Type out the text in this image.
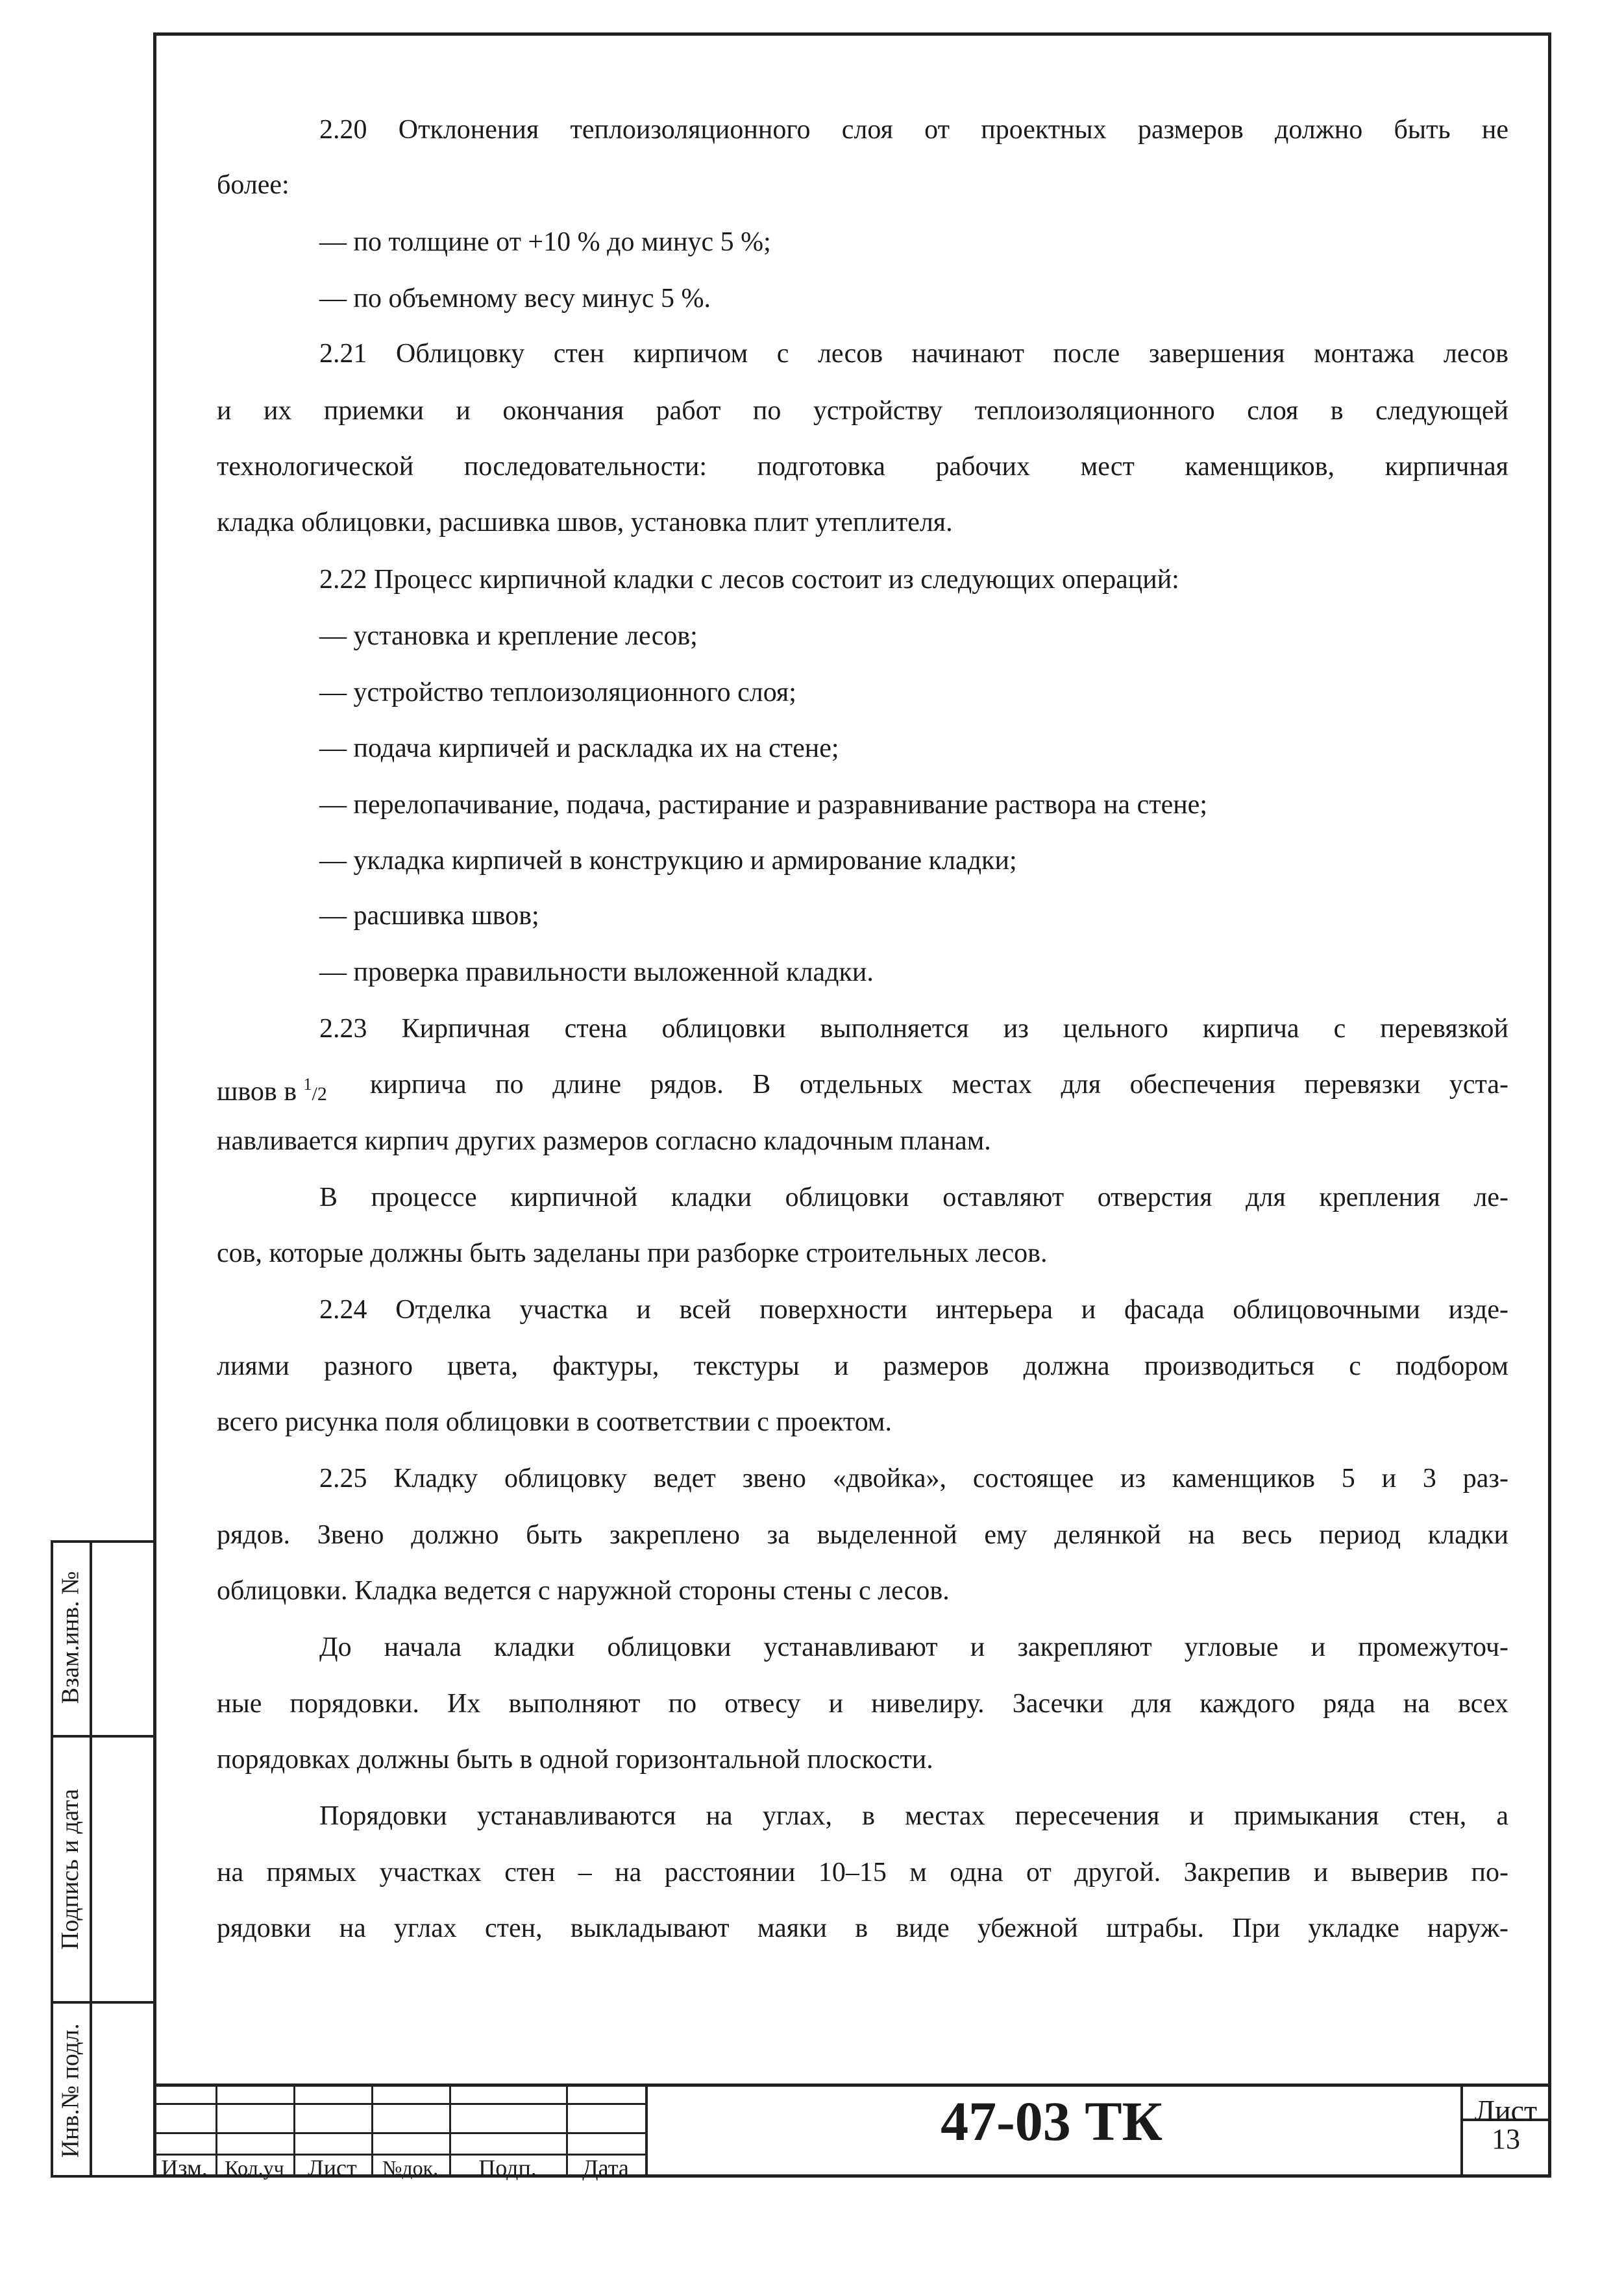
2.20 Отклонения теплоизоляционного слоя от проектных размеров должно быть не
более:
— по толщине от +10 % до минус 5 %;
— по объемному весу минус 5 %.
2.21 Облицовку стен кирпичом с лесов начинают после завершения монтажа лесов
и их приемки и окончания работ по устройству теплоизоляционного слоя в следующей
технологической последовательности: подготовка рабочих мест каменщиков, кирпичная
кладка облицовки, расшивка швов, установка плит утеплителя.
2.22 Процесс кирпичной кладки с лесов состоит из следующих операций:
— установка и крепление лесов;
— устройство теплоизоляционного слоя;
— подача кирпичей и раскладка их на стене;
— перелопачивание, подача, растирание и разравнивание раствора на стене;
— укладка кирпичей в конструкцию и армирование кладки;
— расшивка швов;
— проверка правильности выложенной кладки.
2.23 Кирпичная стена облицовки выполняется из цельного кирпича с перевязкой
швов в $^1$/2 кирпича по длине рядов. В отдельных местах для обеспечения перевязки уста-
навливается кирпич других размеров согласно кладочным планам.
В процессе кирпичной кладки облицовки оставляют отверстия для крепления ле-
сов, которые должны быть заделаны при разборке строительных лесов.
2.24 Отделка участка и всей поверхности интерьера и фасада облицовочными изде-
лиями разного цвета, фактуры, текстуры и размеров должна производиться с подбором
всего рисунка поля облицовки в соответствии с проектом.
2.25 Кладку облицовку ведет звено «двойка», состоящее из каменщиков 5 и 3 раз-
рядов. Звено должно быть закреплено за выделенной ему делянкой на весь период кладки
облицовки. Кладка ведется с наружной стороны стены с лесов.
До начала кладки облицовки устанавливают и закрепляют угловые и промежуточ-
ные порядовки. Их выполняют по отвесу и нивелиру. Засечки для каждого ряда на всех
порядовках должны быть в одной горизонтальной плоскости.
Порядовки устанавливаются на углах, в местах пересечения и примыкания стен, а
на прямых участках стен – на расстоянии 10–15 м одна от другой. Закрепив и выверив по-
рядовки на углах стен, выкладывают маяки в виде убежной штрабы. При укладке наруж-
Взам.инв. №
Подпись и дата
Инв.№ подл.
Изм. Кол.уч	Лист	№док.	Подп.	Дата
47-03 ТК	Лист
13
